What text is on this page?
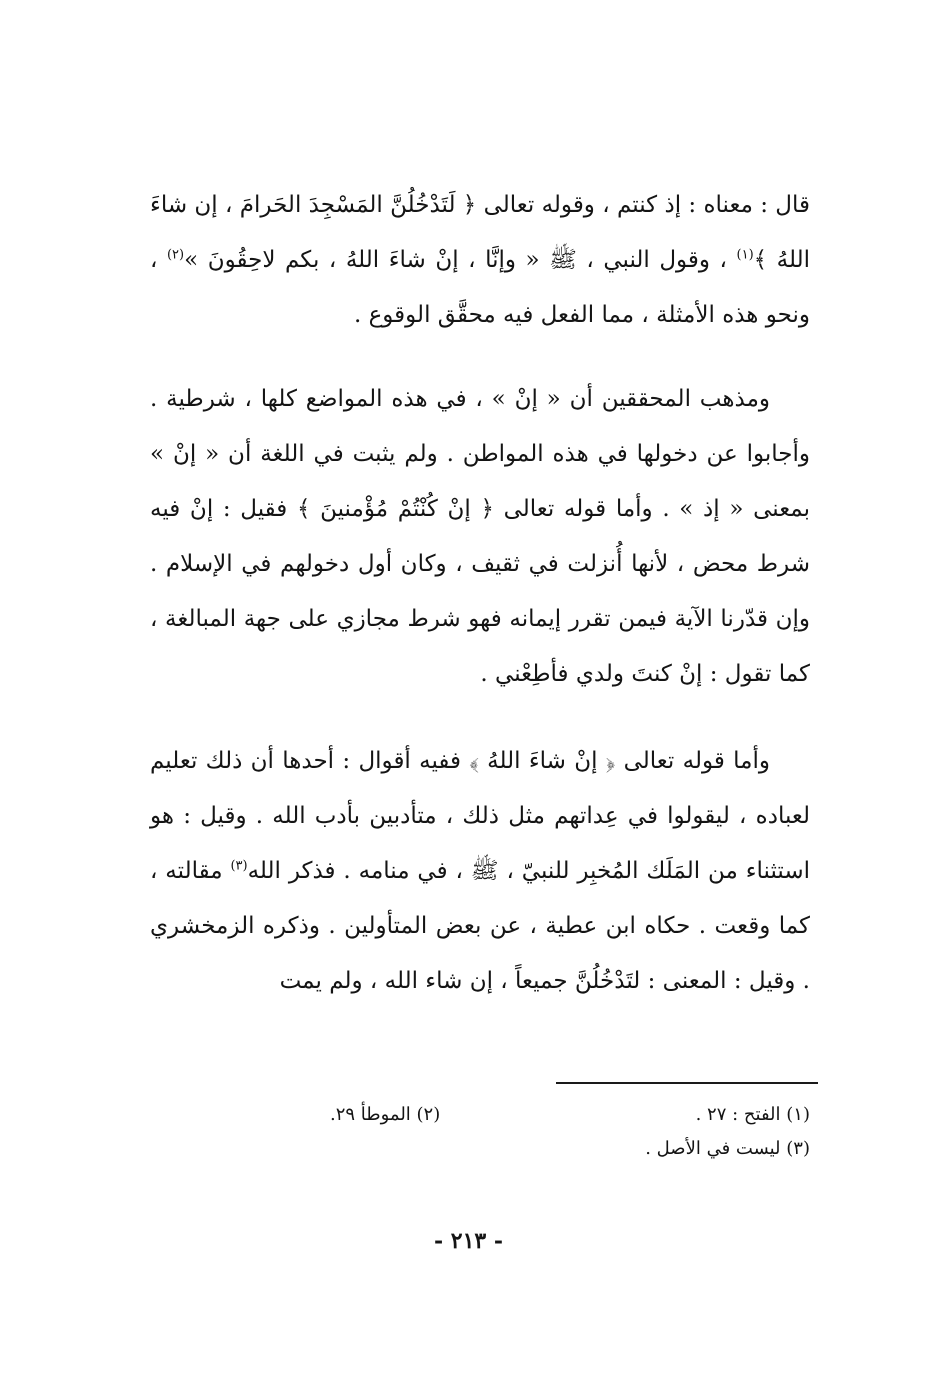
قال : معناه : إذ كنتم ، وقوله تعالى ﴿ لَتَدْخُلُنَّ المَسْجِدَ الحَرامَ ، إن شاءَ اللهُ ﴾$^{(١)}$ ، وقول النبي ، ﷺ « وإنَّا ، إنْ شاءَ اللهُ ، بكم لاحِقُونَ »$^{(٢)}$ ، ونحو هذه الأمثلة ، مما الفعل فيه محقَّق الوقوع .

ومذهب المحققين أن « إنْ » ، في هذه المواضع كلها ، شرطية . وأجابوا عن دخولها في هذه المواطن . ولم يثبت في اللغة أن « إنْ » بمعنى « إذ » . وأما قوله تعالى ﴿ إنْ كُنْتُمْ مُؤْمنينَ ﴾ فقيل : إنْ فيه شرط محض ، لأنها أُنزلت في ثقيف ، وكان أول دخولهم في الإسلام . وإن قدّرنا الآية فيمن تقرر إيمانه فهو شرط مجازي على جهة المبالغة ، كما تقول : إنْ كنتَ ولدي فأطِعْني .

وأما قوله تعالى ﴿ إنْ شاءَ اللهُ ﴾ ففيه أقوال : أحدها أن ذلك تعليم لعباده ، ليقولوا في عِداتهم مثل ذلك ، متأدبين بأدب الله . وقيل : هو استثناء من المَلَك المُخبِر للنبيّ ، ﷺ ، في منامه . فذكر الله$^{(٣)}$ مقالته ، كما وقعت . حكاه ابن عطية ، عن بعض المتأولين . وذكره الزمخشري . وقيل : المعنى : لتَدْخُلُنَّ جميعاً ، إن شاء الله ، ولم يمت

(١) الفتح : ٢٧ .
(٢) الموطأ ٢٩.
(٣) ليست في الأصل .
- ٢١٣ -
